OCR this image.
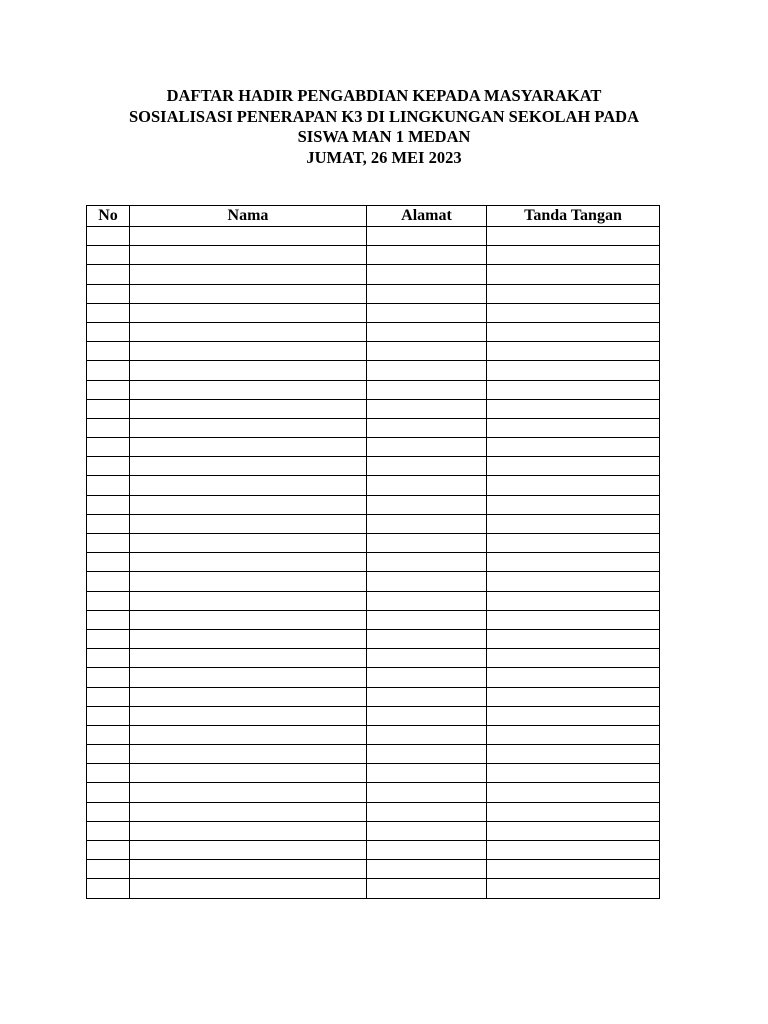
DAFTAR HADIR PENGABDIAN KEPADA MASYARAKAT
SOSIALISASI PENERAPAN K3 DI LINGKUNGAN SEKOLAH PADA
SISWA MAN 1 MEDAN
JUMAT, 26 MEI 2023
No	Nama	Alamat	Tanda Tangan
